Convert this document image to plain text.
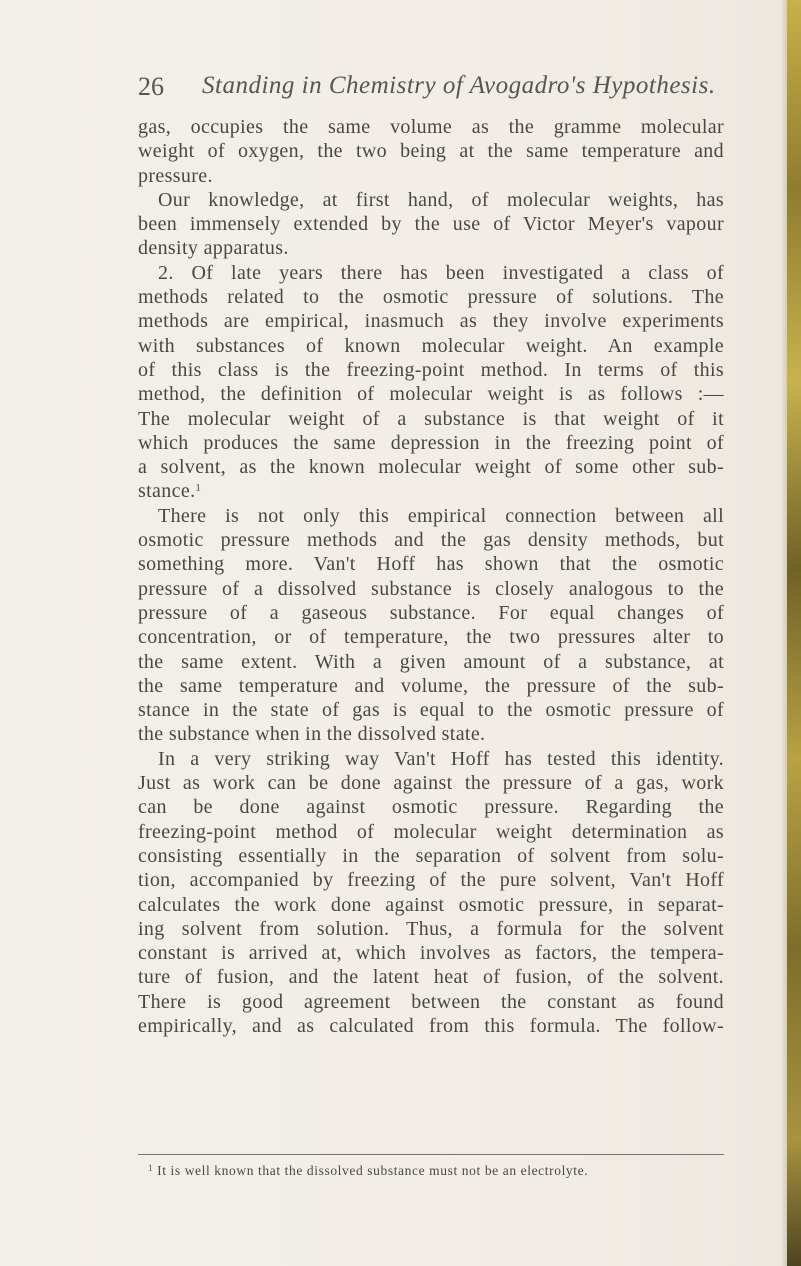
26 Standing in Chemistry of Avogadro's Hypothesis.
gas, occupies the same volume as the gramme molecular
weight of oxygen, the two being at the same temperature and
pressure.
Our knowledge, at first hand, of molecular weights, has
been immensely extended by the use of Victor Meyer's vapour
density apparatus.
2. Of late years there has been investigated a class of
methods related to the osmotic pressure of solutions. The
methods are empirical, inasmuch as they involve experiments
with substances of known molecular weight. An example
of this class is the freezing-point method. In terms of this
method, the definition of molecular weight is as follows :—
The molecular weight of a substance is that weight of it
which produces the same depression in the freezing point of
a solvent, as the known molecular weight of some other sub-
stance.$^1$
There is not only this empirical connection between all
osmotic pressure methods and the gas density methods, but
something more. Van't Hoff has shown that the osmotic
pressure of a dissolved substance is closely analogous to the
pressure of a gaseous substance. For equal changes of
concentration, or of temperature, the two pressures alter to
the same extent. With a given amount of a substance, at
the same temperature and volume, the pressure of the sub-
stance in the state of gas is equal to the osmotic pressure of
the substance when in the dissolved state.
In a very striking way Van't Hoff has tested this identity.
Just as work can be done against the pressure of a gas, work
can be done against osmotic pressure. Regarding the
freezing-point method of molecular weight determination as
consisting essentially in the separation of solvent from solu-
tion, accompanied by freezing of the pure solvent, Van't Hoff
calculates the work done against osmotic pressure, in separat-
ing solvent from solution. Thus, a formula for the solvent
constant is arrived at, which involves as factors, the tempera-
ture of fusion, and the latent heat of fusion, of the solvent.
There is good agreement between the constant as found
empirically, and as calculated from this formula. The follow-
$^1$ It is well known that the dissolved substance must not be an electrolyte.
